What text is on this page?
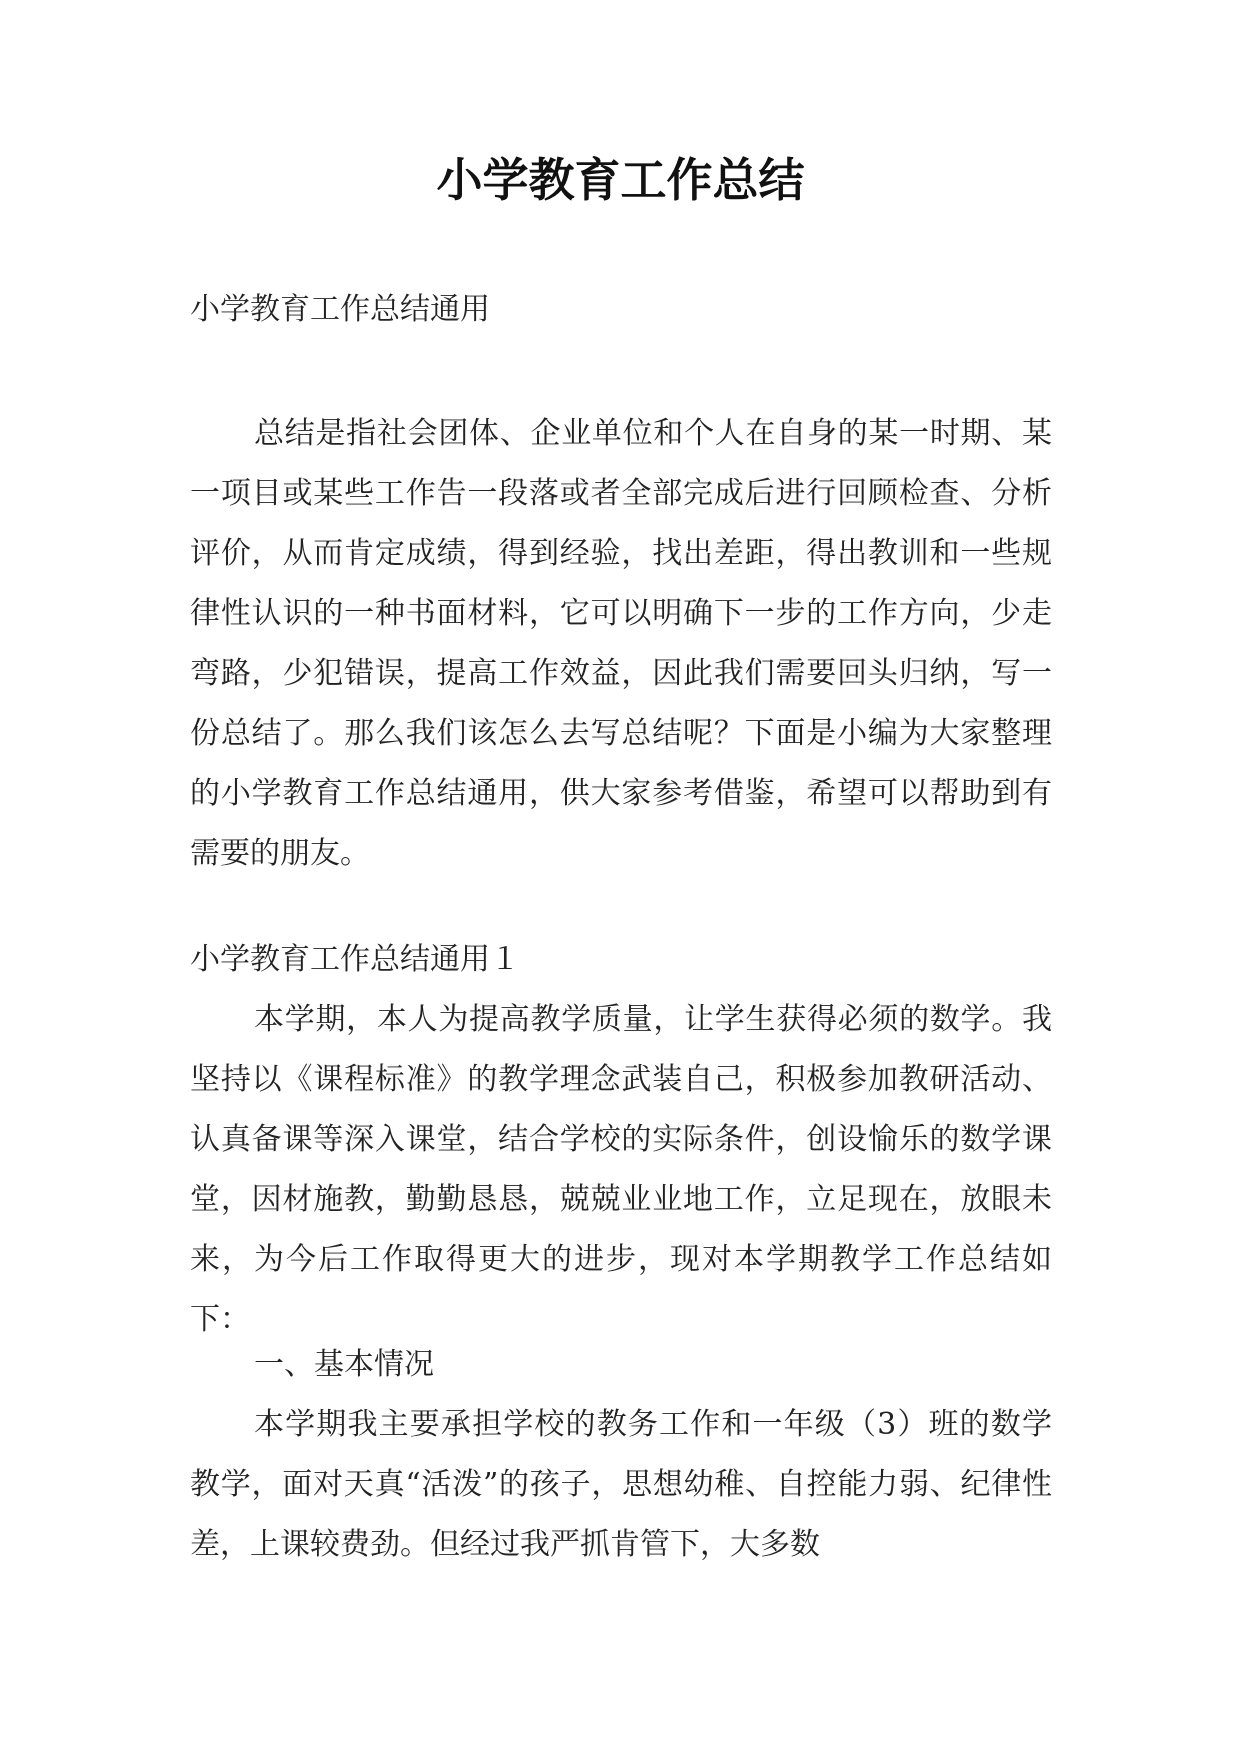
小学教育工作总结
小学教育工作总结通用

总结是指社会团体、企业单位和个人在自身的某一时期、某一项目或某些工作告一段落或者全部完成后进行回顾检查、分析评价，从而肯定成绩，得到经验，找出差距，得出教训和一些规律性认识的一种书面材料，它可以明确下一步的工作方向，少走弯路，少犯错误，提高工作效益，因此我们需要回头归纳，写一份总结了。那么我们该怎么去写总结呢？下面是小编为大家整理的小学教育工作总结通用，供大家参考借鉴，希望可以帮助到有需要的朋友。

小学教育工作总结通用１

本学期，本人为提高教学质量，让学生获得必须的数学。我坚持以《课程标准》的教学理念武装自己，积极参加教研活动、认真备课等深入课堂，结合学校的实际条件，创设愉乐的数学课堂，因材施教，勤勤恳恳，兢兢业业地工作，立足现在，放眼未来，为今后工作取得更大的进步，现对本学期教学工作总结如下：

一、基本情况

本学期我主要承担学校的教务工作和一年级（3）班的数学教学，面对天真“活泼”的孩子，思想幼稚、自控能力弱、纪律性差，上课较费劲。但经过我严抓肯管下，大多数
